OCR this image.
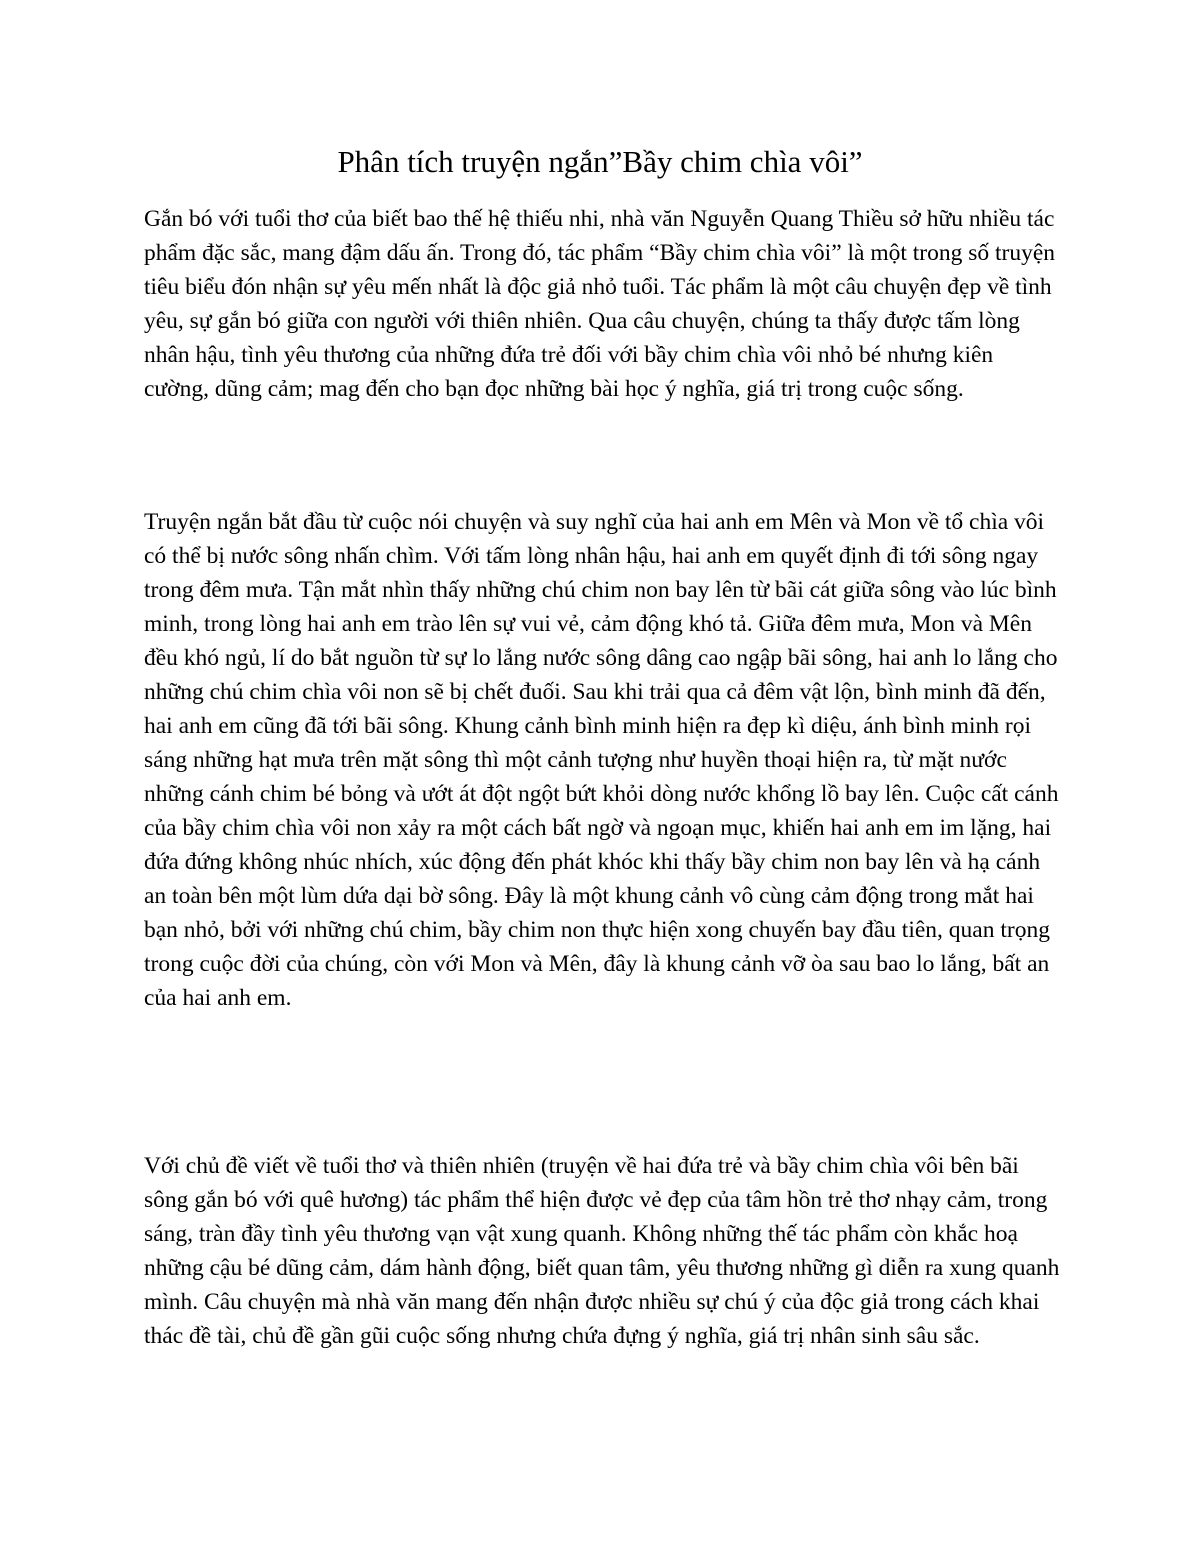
Phân tích truyện ngắn”Bầy chim chìa vôi”

Gắn bó với tuổi thơ của biết bao thế hệ thiếu nhi, nhà văn Nguyễn Quang Thiều sở hữu nhiều tác phẩm đặc sắc, mang đậm dấu ấn. Trong đó, tác phẩm “Bầy chim chìa vôi” là một trong số truyện tiêu biểu đón nhận sự yêu mến nhất là độc giả nhỏ tuổi. Tác phẩm là một câu chuyện đẹp về tình yêu, sự gắn bó giữa con người với thiên nhiên. Qua câu chuyện, chúng ta thấy được tấm lòng nhân hậu, tình yêu thương của những đứa trẻ đối với bầy chim chìa vôi nhỏ bé nhưng kiên cường, dũng cảm; mag đến cho bạn đọc những bài học ý nghĩa, giá trị trong cuộc sống.

Truyện ngắn bắt đầu từ cuộc nói chuyện và suy nghĩ của hai anh em Mên và Mon về tổ chìa vôi có thể bị nước sông nhấn chìm. Với tấm lòng nhân hậu, hai anh em quyết định đi tới sông ngay trong đêm mưa. Tận mắt nhìn thấy những chú chim non bay lên từ bãi cát giữa sông vào lúc bình minh, trong lòng hai anh em trào lên sự vui vẻ, cảm động khó tả. Giữa đêm mưa, Mon và Mên đều khó ngủ, lí do bắt nguồn từ sự lo lắng nước sông dâng cao ngập bãi sông, hai anh lo lắng cho những chú chim chìa vôi non sẽ bị chết đuối. Sau khi trải qua cả đêm vật lộn, bình minh đã đến, hai anh em cũng đã tới bãi sông. Khung cảnh bình minh hiện ra đẹp kì diệu, ánh bình minh rọi sáng những hạt mưa trên mặt sông thì một cảnh tượng như huyền thoại hiện ra, từ mặt nước những cánh chim bé bỏng và ướt át đột ngột bứt khỏi dòng nước khổng lồ bay lên. Cuộc cất cánh của bầy chim chìa vôi non xảy ra một cách bất ngờ và ngoạn mục, khiến hai anh em im lặng, hai đứa đứng không nhúc nhích, xúc động đến phát khóc khi thấy bầy chim non bay lên và hạ cánh an toàn bên một lùm dứa dại bờ sông. Đây là một khung cảnh vô cùng cảm động trong mắt hai bạn nhỏ, bởi với những chú chim, bầy chim non thực hiện xong chuyến bay đầu tiên, quan trọng trong cuộc đời của chúng, còn với Mon và Mên, đây là khung cảnh vỡ òa sau bao lo lắng, bất an của hai anh em.

Với chủ đề viết về tuổi thơ và thiên nhiên (truyện về hai đứa trẻ và bầy chim chìa vôi bên bãi sông gắn bó với quê hương) tác phẩm thể hiện được vẻ đẹp của tâm hồn trẻ thơ nhạy cảm, trong sáng, tràn đầy tình yêu thương vạn vật xung quanh. Không những thế tác phẩm còn khắc hoạ những cậu bé dũng cảm, dám hành động, biết quan tâm, yêu thương những gì diễn ra xung quanh mình. Câu chuyện mà nhà văn mang đến nhận được nhiều sự chú ý của độc giả trong cách khai thác đề tài, chủ đề gần gũi cuộc sống nhưng chứa đựng ý nghĩa, giá trị nhân sinh sâu sắc.
